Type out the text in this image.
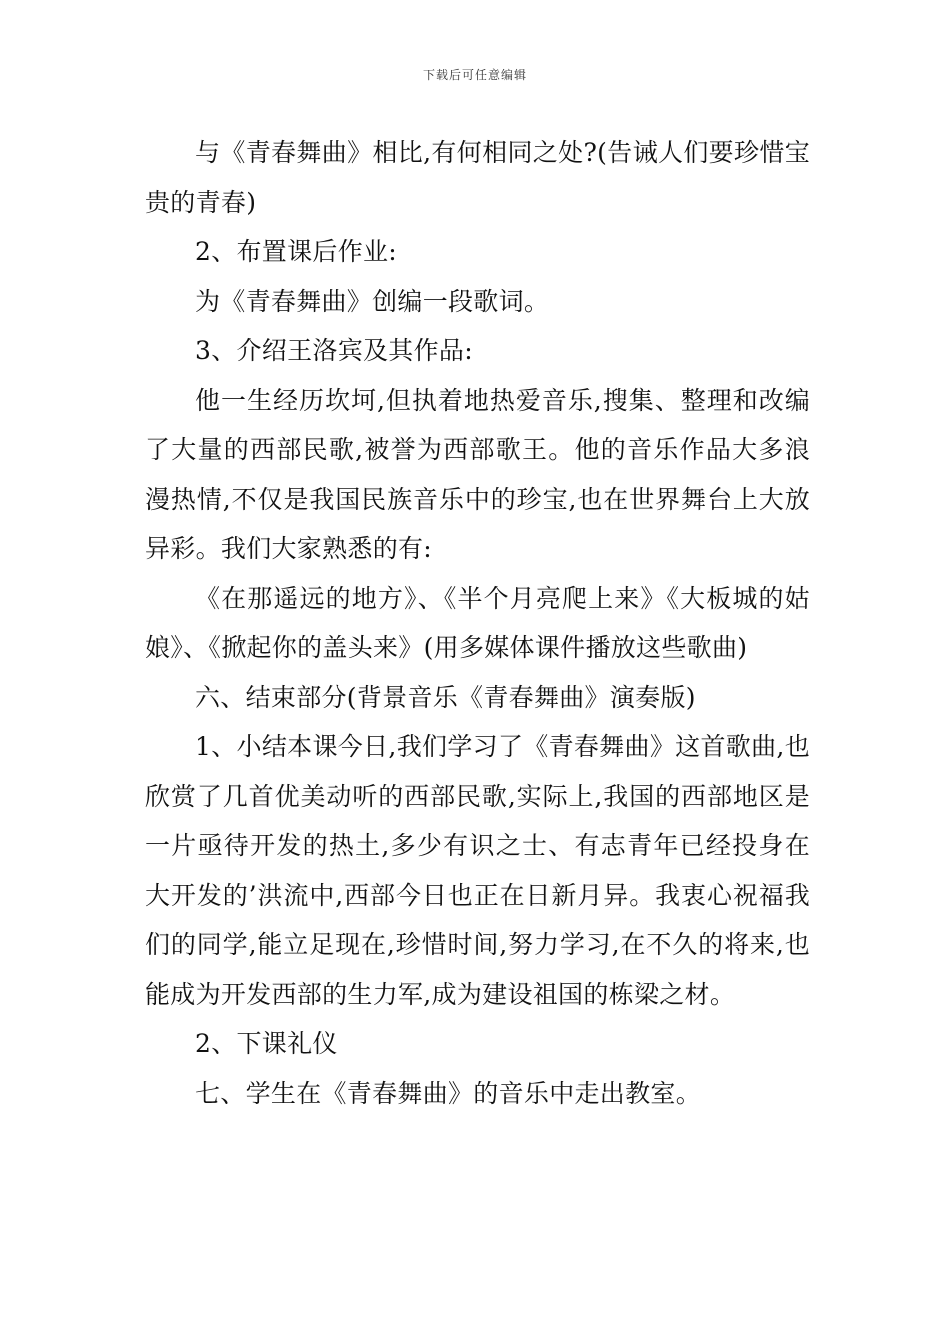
下载后可任意编辑

与《青春舞曲》相比,有何相同之处?(告诫人们要珍惜宝贵的青春)

2、布置课后作业:

为《青春舞曲》创编一段歌词。

3、介绍王洛宾及其作品:

他一生经历坎坷,但执着地热爱音乐,搜集、整理和改编了大量的西部民歌,被誉为西部歌王。他的音乐作品大多浪漫热情,不仅是我国民族音乐中的珍宝,也在世界舞台上大放异彩。我们大家熟悉的有:

《在那遥远的地方》、《半个月亮爬上来》《大板城的姑娘》、《掀起你的盖头来》(用多媒体课件播放这些歌曲)

六、结束部分(背景音乐《青春舞曲》演奏版)

1、小结本课今日,我们学习了《青春舞曲》这首歌曲,也欣赏了几首优美动听的西部民歌,实际上,我国的西部地区是一片亟待开发的热土,多少有识之士、有志青年已经投身在大开发的’洪流中,西部今日也正在日新月异。我衷心祝福我们的同学,能立足现在,珍惜时间,努力学习,在不久的将来,也能成为开发西部的生力军,成为建设祖国的栋梁之材。

2、下课礼仪

七、学生在《青春舞曲》的音乐中走出教室。
